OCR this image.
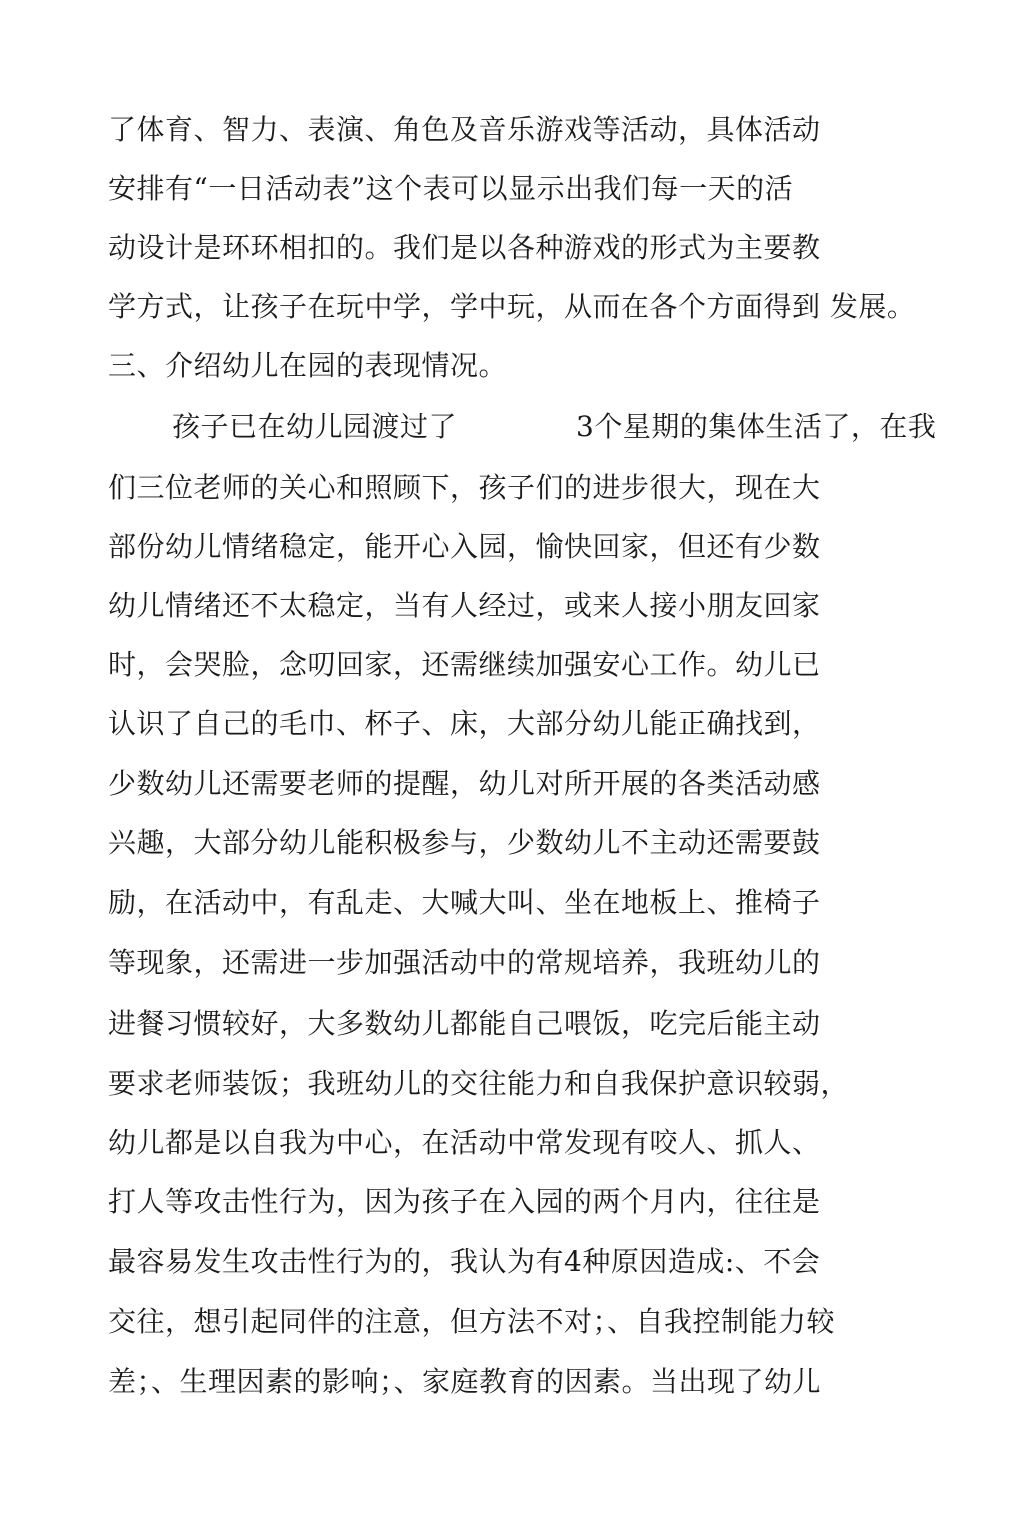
了体育、智力、表演、角色及音乐游戏等活动，具体活动
安排有“一日活动表”这个表可以显示出我们每一天的活
动设计是环环相扣的。我们是以各种游戏的形式为主要教
学方式，让孩子在玩中学，学中玩，从而在各个方面得到 发展。
三、介绍幼儿在园的表现情况。
孩子已在幼儿园渡过了	3个星期的集体生活了，在我
们三位老师的关心和照顾下，孩子们的进步很大，现在大
部份幼儿情绪稳定，能开心入园，愉快回家，但还有少数
幼儿情绪还不太稳定，当有人经过，或来人接小朋友回家
时，会哭脸，念叨回家，还需继续加强安心工作。幼儿已
认识了自己的毛巾、杯子、床，大部分幼儿能正确找到，
少数幼儿还需要老师的提醒，幼儿对所开展的各类活动感
兴趣，大部分幼儿能积极参与，少数幼儿不主动还需要鼓
励，在活动中，有乱走、大喊大叫、坐在地板上、推椅子
等现象，还需进一步加强活动中的常规培养，我班幼儿的
进餐习惯较好，大多数幼儿都能自己喂饭，吃完后能主动
要求老师装饭；我班幼儿的交往能力和自我保护意识较弱，
幼儿都是以自我为中心，在活动中常发现有咬人、抓人、
打人等攻击性行为，因为孩子在入园的两个月内，往往是
最容易发生攻击性行为的，我认为有4种原因造成:、不会
交往，想引起同伴的注意，但方法不对；、自我控制能力较
差；、生理因素的影响；、家庭教育的因素。当出现了幼儿
